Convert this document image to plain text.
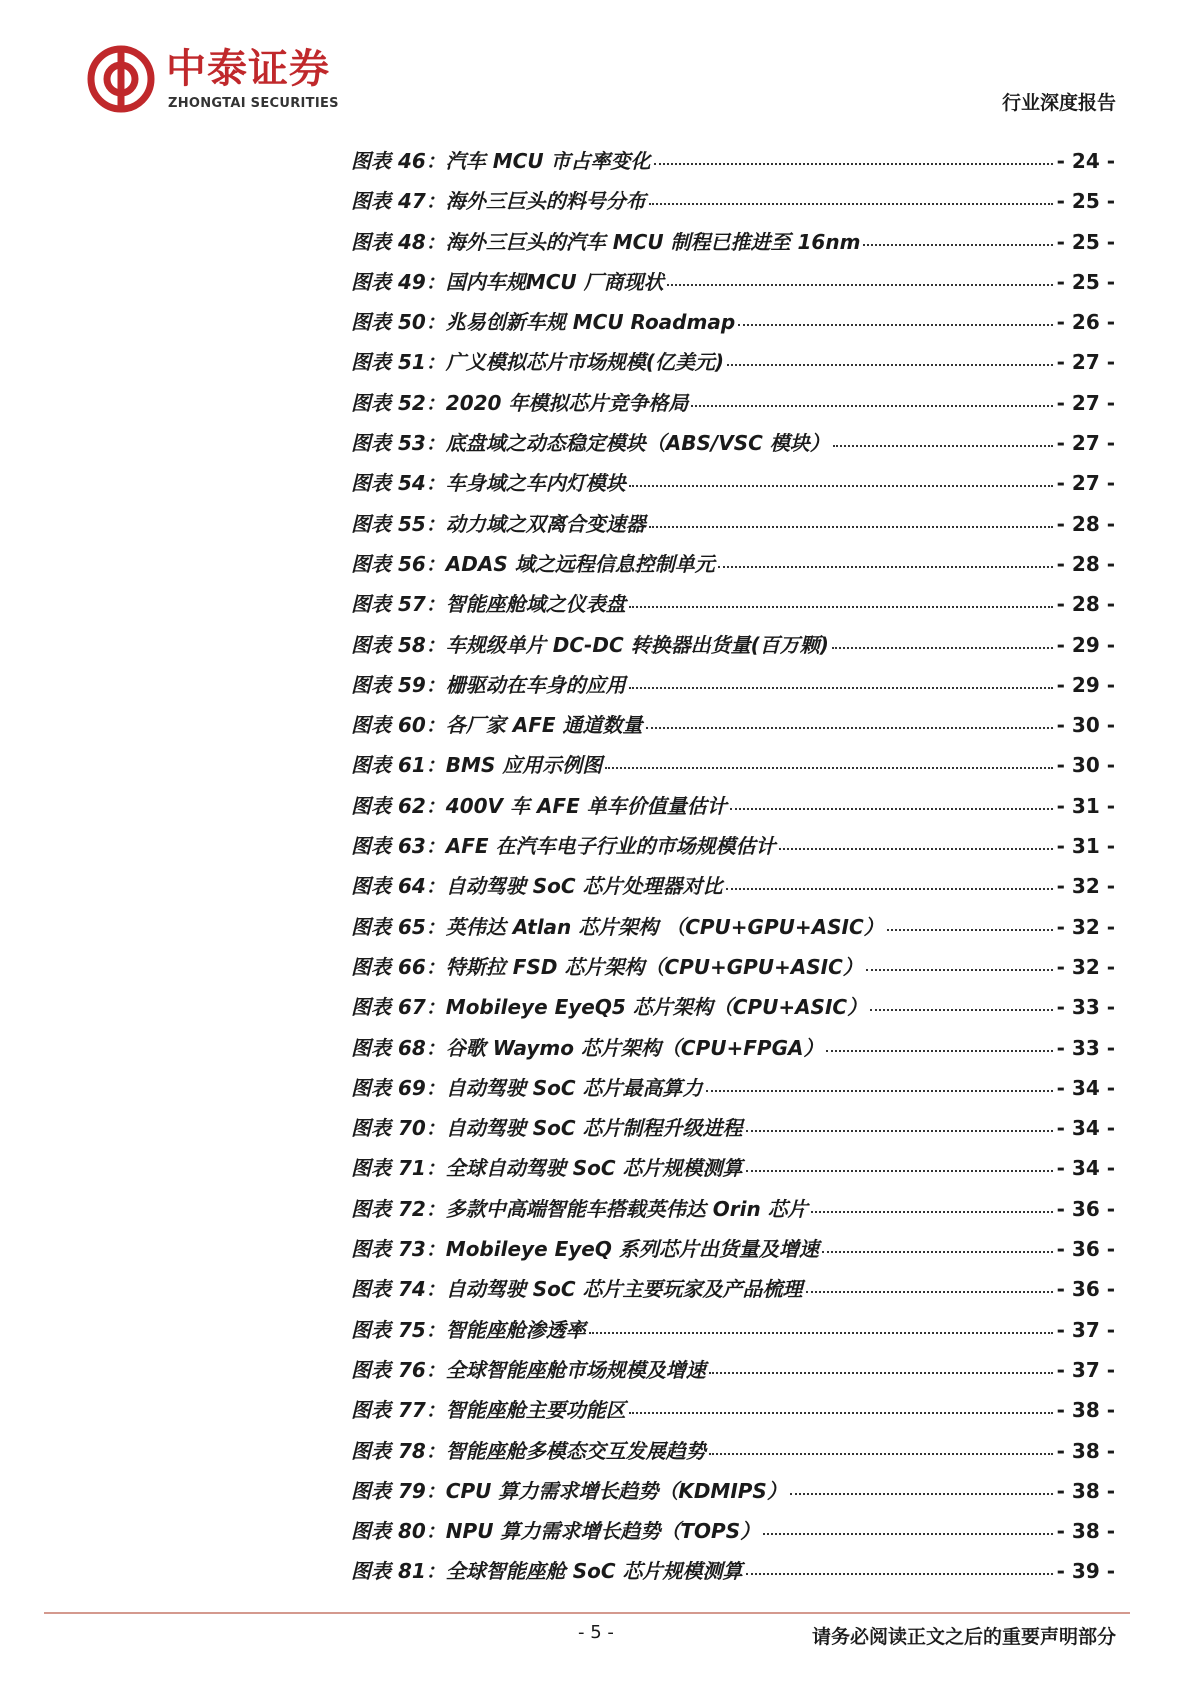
中泰证券
ZHONGTAI SECURITIES	行业深度报告
图表 46：汽车 MCU 市占率变化	- 24 -
图表 47：海外三巨头的料号分布	- 25 -
图表 48：海外三巨头的汽车 MCU 制程已推进至 16nm	- 25 -
图表 49：国内车规MCU 厂商现状	- 25 -
图表 50：兆易创新车规 MCU Roadmap	- 26 -
图表 51：广义模拟芯片市场规模(亿美元)	- 27 -
图表 52：2020 年模拟芯片竞争格局	- 27 -
图表 53：底盘域之动态稳定模块（ABS/VSC 模块）	- 27 -
图表 54：车身域之车内灯模块	- 27 -
图表 55：动力域之双离合变速器	- 28 -
图表 56：ADAS 域之远程信息控制单元	- 28 -
图表 57：智能座舱域之仪表盘	- 28 -
图表 58：车规级单片 DC-DC 转换器出货量(百万颗)	- 29 -
图表 59：栅驱动在车身的应用	- 29 -
图表 60：各厂家 AFE 通道数量	- 30 -
图表 61：BMS 应用示例图	- 30 -
图表 62：400V 车 AFE 单车价值量估计	- 31 -
图表 63：AFE 在汽车电子行业的市场规模估计	- 31 -
图表 64：自动驾驶 SoC 芯片处理器对比	- 32 -
图表 65：英伟达 Atlan 芯片架构 （CPU+GPU+ASIC）	- 32 -
图表 66：特斯拉 FSD 芯片架构（CPU+GPU+ASIC）	- 32 -
图表 67：Mobileye EyeQ5 芯片架构（CPU+ASIC）	- 33 -
图表 68：谷歌 Waymo 芯片架构（CPU+FPGA）	- 33 -
图表 69：自动驾驶 SoC 芯片最高算力	- 34 -
图表 70：自动驾驶 SoC 芯片制程升级进程	- 34 -
图表 71：全球自动驾驶 SoC 芯片规模测算	- 34 -
图表 72：多款中高端智能车搭载英伟达 Orin 芯片	- 36 -
图表 73：Mobileye EyeQ 系列芯片出货量及增速	- 36 -
图表 74：自动驾驶 SoC 芯片主要玩家及产品梳理	- 36 -
图表 75：智能座舱渗透率	- 37 -
图表 76：全球智能座舱市场规模及增速	- 37 -
图表 77：智能座舱主要功能区	- 38 -
图表 78：智能座舱多模态交互发展趋势	- 38 -
图表 79：CPU 算力需求增长趋势（KDMIPS）	- 38 -
图表 80：NPU 算力需求增长趋势（TOPS）	- 38 -
图表 81：全球智能座舱 SoC 芯片规模测算	- 39 -
- 5 -	请务必阅读正文之后的重要声明部分
